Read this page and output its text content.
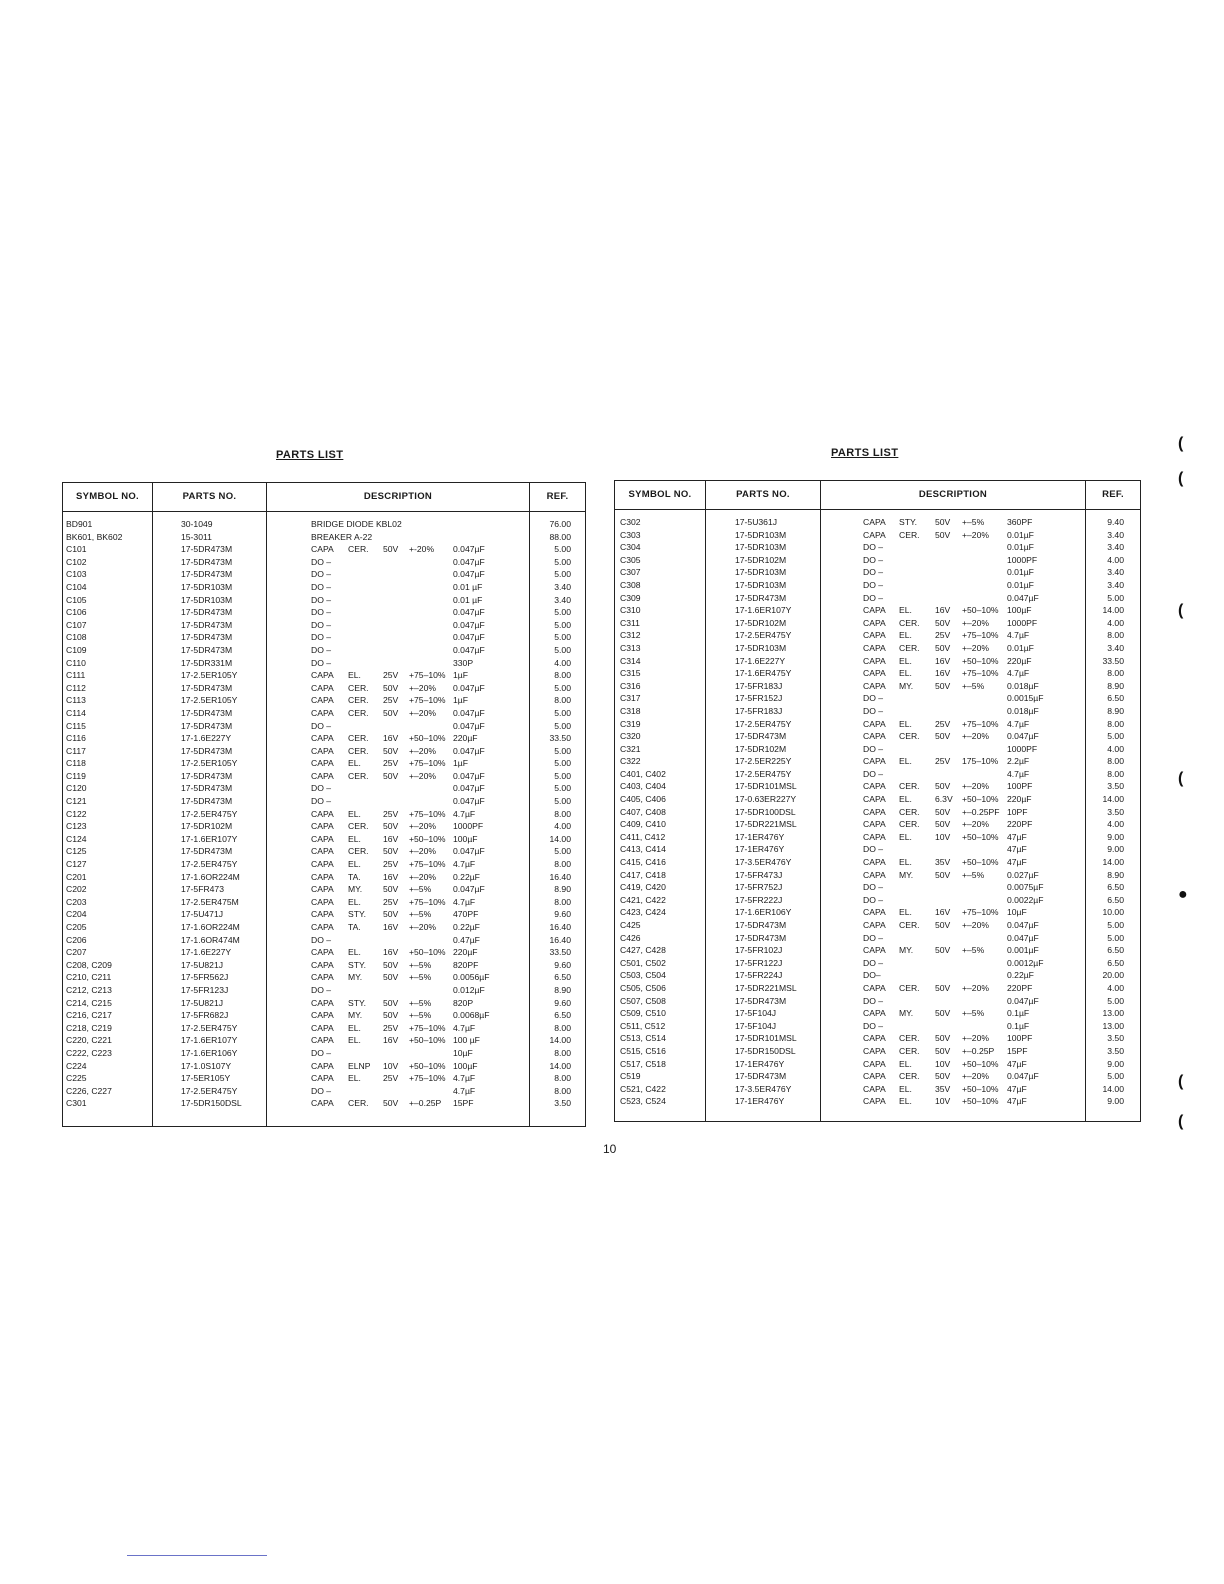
PARTS LIST
SYMBOL NO.	PARTS NO.	DESCRIPTION	REF.
BD901	30-1049	BRIDGE DIODE KBL02	76.00
BK601, BK602	15-3011	BREAKER A-22	88.00
C101	17-5DR473M	CAPA CER. 50V +-20% 0.047µF	5.00
C102	17-5DR473M	DO –	0.047µF	5.00
C103	17-5DR473M	DO –	0.047µF	5.00
C104	17-5DR103M	DO –	0.01 µF	3.40
C105	17-5DR103M	DO –	0.01 µF	3.40
C106	17-5DR473M	DO –	0.047µF	5.00
C107	17-5DR473M	DO –	0.047µF	5.00
C108	17-5DR473M	DO –	0.047µF	5.00
C109	17-5DR473M	DO –	0.047µF	5.00
C110	17-5DR331M	DO –	330P	4.00
C111	17-2.5ER105Y	CAPA EL.	25V +75–10% 1µF	8.00
C112	17-5DR473M	CAPA CER. 50V +–20% 0.047µF	5.00
C113	17-2.5ER105Y	CAPA CER. 25V +75–10% 1µF	8.00
C114	17-5DR473M	CAPA CER. 50V +–20% 0.047µF	5.00
C115	17-5DR473M	DO –	0.047µF	5.00
C116	17-1.6E227Y	CAPA CER. 16V +50–10% 220µF	33.50
C117	17-5DR473M	CAPA CER. 50V +–20% 0.047µF	5.00
C118	17-2.5ER105Y	CAPA EL.	25V +75–10% 1µF	5.00
C119	17-5DR473M	CAPA CER. 50V +–20% 0.047µF	5.00
C120	17-5DR473M	DO –	0.047µF	5.00
C121	17-5DR473M	DO –	0.047µF	5.00
C122	17-2.5ER475Y	CAPA EL.	25V +75–10% 4.7µF	8.00
C123	17-5DR102M	CAPA CER. 50V +–20% 1000PF	4.00
C124	17-1.6ER107Y	CAPA EL.	16V +50–10% 100µF	14.00
C125	17-5DR473M	CAPA CER. 50V +–20% 0.047µF	5.00
C127	17-2.5ER475Y	CAPA EL.	25V +75–10% 4.7µF	8.00
C201	17-1.6OR224M	CAPA TA.	16V +–20% 0.22µF	16.40
C202	17-5FR473	CAPA MY. 50V +–5%	0.047µF	8.90
C203	17-2.5ER475M	CAPA EL.	25V +75–10% 4.7µF	8.00
C204	17-5U471J	CAPA STY. 50V +–5%	470PF	9.60
C205	17-1.6OR224M	CAPA TA.	16V +–20% 0.22µF	16.40
C206	17-1.6OR474M	DO –	0.47µF	16.40
C207	17-1.6E227Y	CAPA EL.	16V +50–10% 220µF	33.50
C208, C209	17-5U821J	CAPA STY. 50V +–5%	820PF	9.60
C210, C211	17-5FR562J	CAPA MY. 50V +–5%	0.0056µF	6.50
C212, C213	17-5FR123J	DO –	0.012µF	8.90
C214, C215	17-5U821J	CAPA STY. 50V +–5%	820P	9.60
C216, C217	17-5FR682J	CAPA MY. 50V +–5%	0.0068µF	6.50
C218, C219	17-2.5ER475Y	CAPA EL.	25V +75–10% 4.7µF	8.00
C220, C221	17-1.6ER107Y	CAPA EL.	16V +50–10% 100 µF	14.00
C222, C223	17-1.6ER106Y	DO –	10µF	8.00
C224	17-1.0S107Y	CAPA ELNP 10V +50–10% 100µF	14.00
C225	17-5ER105Y	CAPA EL.	25V +75–10% 4.7µF	8.00
C226, C227	17-2.5ER475Y	DO –	4.7µF	8.00
C301	17-5DR150DSL	CAPA CER. 50V +–0.25P 15PF	3.50
PARTS LIST
SYMBOL NO.	PARTS NO.	DESCRIPTION	REF.
C302	17-5U361J	CAPA STY. 50V +–5%	360PF	9.40
C303	17-5DR103M	CAPA CER. 50V +–20% 0.01µF	3.40
C304	17-5DR103M	DO –	0.01µF	3.40
C305	17-5DR102M	DO –	1000PF	4.00
C307	17-5DR103M	DO –	0.01µF	3.40
C308	17-5DR103M	DO –	0.01µF	3.40
C309	17-5DR473M	DO –	0.047µF	5.00
C310	17-1.6ER107Y	CAPA EL.	16V +50–10% 100µF	14.00
C311	17-5DR102M	CAPA CER. 50V +–20% 1000PF	4.00
C312	17-2.5ER475Y	CAPA EL.	25V +75–10% 4.7µF	8.00
C313	17-5DR103M	CAPA CER. 50V +–20% 0.01µF	3.40
C314	17-1.6E227Y	CAPA EL.	16V +50–10% 220µF	33.50
C315	17-1.6ER475Y	CAPA EL.	16V +75–10% 4.7µF	8.00
C316	17-5FR183J	CAPA MY.	50V +–5%	0.018µF	8.90
C317	17-5FR152J	DO –	0.0015µF	6.50
C318	17-5FR183J	DO –	0.018µF	8.90
C319	17-2.5ER475Y	CAPA EL.	25V +75–10% 4.7µF	8.00
C320	17-5DR473M	CAPA CER. 50V +–20% 0.047µF	5.00
C321	17-5DR102M	DO –	1000PF	4.00
C322	17-2.5ER225Y	CAPA EL.	25V 175–10% 2.2µF	8.00
C401, C402	17-2.5ER475Y	DO –	4.7µF	8.00
C403, C404	17-5DR101MSL	CAPA CER. 50V +–20% 100PF	3.50
C405, C406	17-0.63ER227Y	CAPA EL.	6.3V +50–10% 220µF	14.00
C407, C408	17-5DR100DSL	CAPA CER. 50V +–0.25PF 10PF	3.50
C409, C410	17-5DR221MSL	CAPA CER. 50V +–20% 220PF	4.00
C411, C412	17-1ER476Y	CAPA EL.	10V +50–10% 47µF	9.00
C413, C414	17-1ER476Y	DO –	47µF	9.00
C415, C416	17-3.5ER476Y	CAPA EL.	35V +50–10% 47µF	14.00
C417, C418	17-5FR473J	CAPA MY.	50V +–5%	0.027µF	8.90
C419, C420	17-5FR752J	DO –	0.0075µF	6.50
C421, C422	17-5FR222J	DO –	0.0022µF	6.50
C423, C424	17-1.6ER106Y	CAPA EL.	16V +75–10% 10µF	10.00
C425	17-5DR473M	CAPA CER. 50V +–20% 0.047µF	5.00
C426	17-5DR473M	DO –	0.047µF	5.00
C427, C428	17-5FR102J	CAPA MY.	50V +–5%	0.001µF	6.50
C501, C502	17-5FR122J	DO –	0.0012µF	6.50
C503, C504	17-5FR224J	DO–	0.22µF	20.00
C505, C506	17-5DR221MSL	CAPA CER. 50V +–20% 220PF	4.00
C507, C508	17-5DR473M	DO –	0.047µF	5.00
C509, C510	17-5F104J	CAPA MY.	50V +–5%	0.1µF	13.00
C511, C512	17-5F104J	DO –	0.1µF	13.00
C513, C514	17-5DR101MSL	CAPA CER. 50V +–20% 100PF	3.50
C515, C516	17-5DR150DSL	CAPA CER. 50V +–0.25P 15PF	3.50
C517, C518	17-1ER476Y	CAPA EL.	10V +50–10% 47µF	9.00
C519	17-5DR473M	CAPA CER. 50V +–20% 0.047µF	5.00
C521, C422	17-3.5ER476Y	CAPA EL.	35V +50–10% 47µF	14.00
C523, C524	17-1ER476Y	CAPA EL.	10V +50–10% 47µF	9.00
10
(
(
(
(
●
(
(
